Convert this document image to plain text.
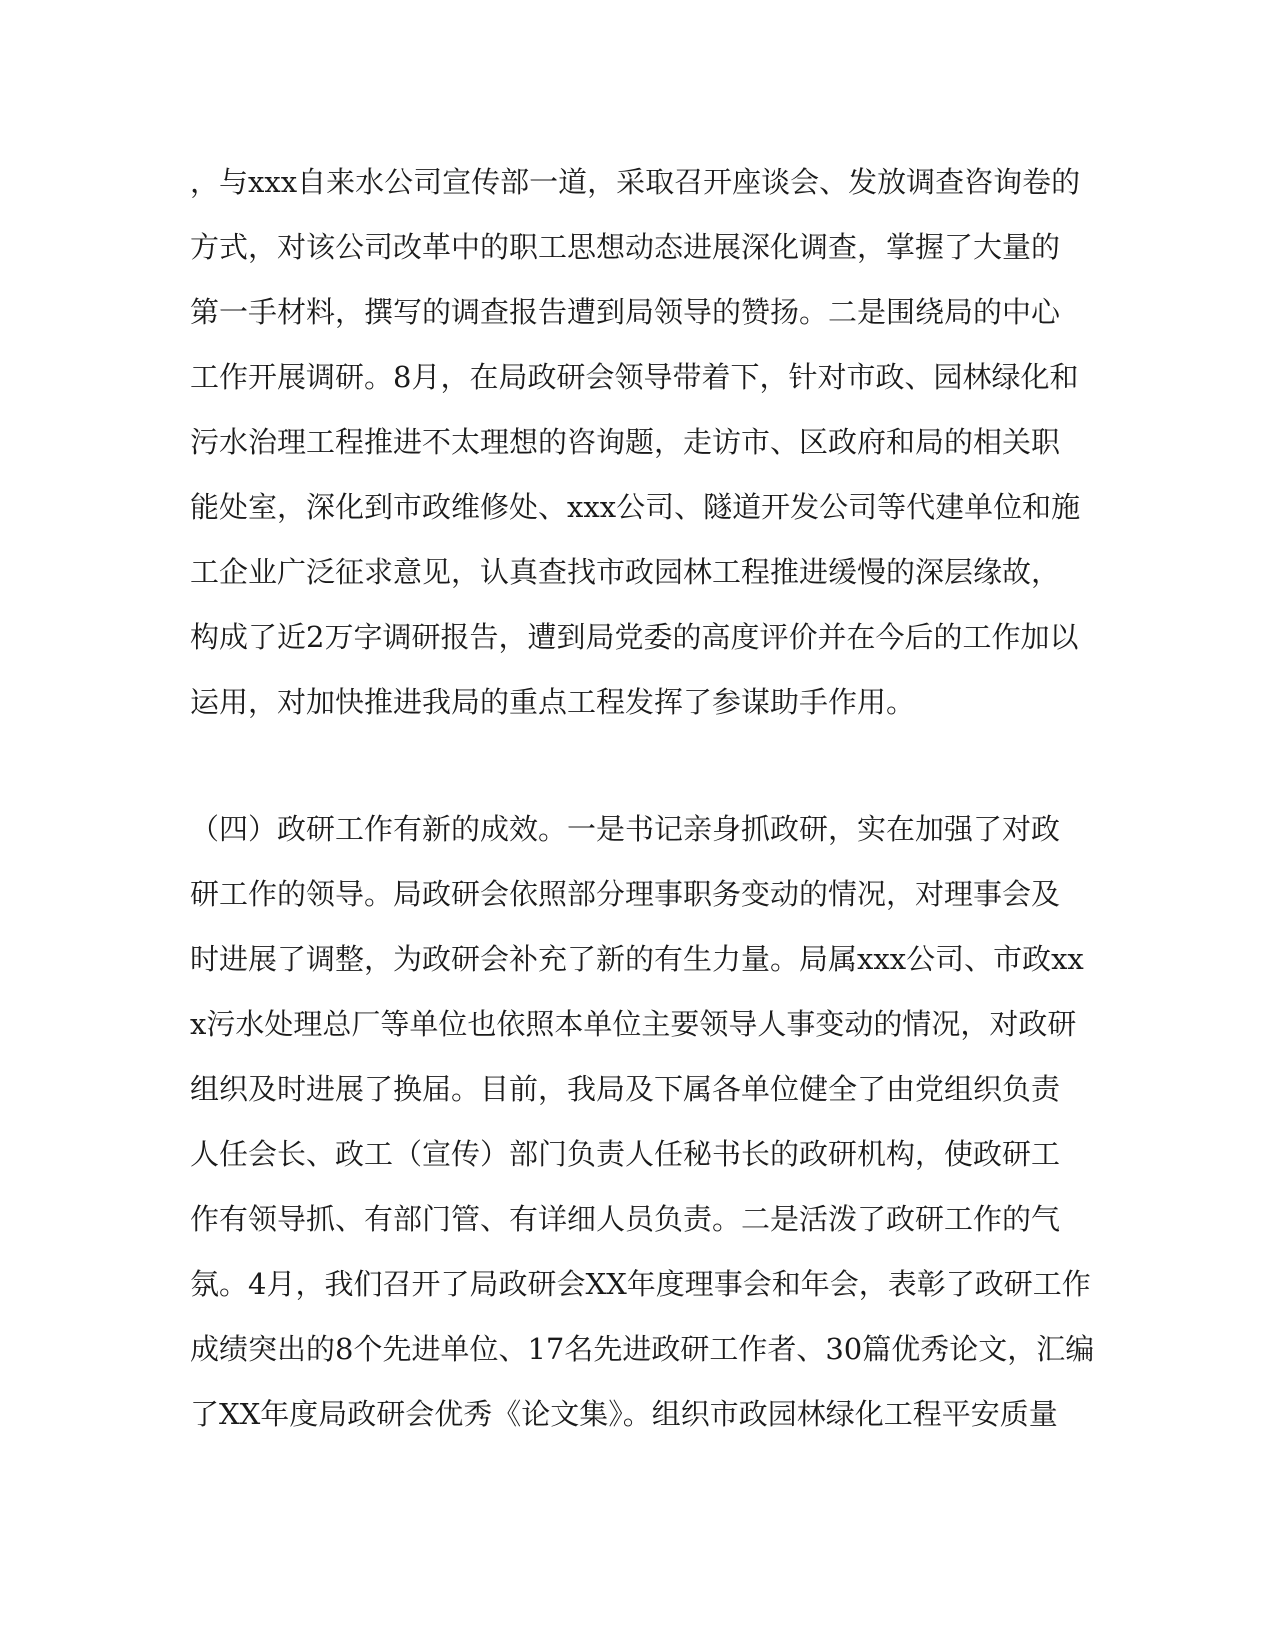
，与xxx自来水公司宣传部一道，采取召开座谈会、发放调查咨询卷的
方式，对该公司改革中的职工思想动态进展深化调查，掌握了大量的
第一手材料，撰写的调查报告遭到局领导的赞扬。二是围绕局的中心
工作开展调研。8月，在局政研会领导带着下，针对市政、园林绿化和
污水治理工程推进不太理想的咨询题，走访市、区政府和局的相关职
能处室，深化到市政维修处、xxx公司、隧道开发公司等代建单位和施
工企业广泛征求意见，认真查找市政园林工程推进缓慢的深层缘故，
构成了近2万字调研报告，遭到局党委的高度评价并在今后的工作加以
运用，对加快推进我局的重点工程发挥了参谋助手作用。
（四）政研工作有新的成效。一是书记亲身抓政研，实在加强了对政
研工作的领导。局政研会依照部分理事职务变动的情况，对理事会及
时进展了调整，为政研会补充了新的有生力量。局属xxx公司、市政xx
x污水处理总厂等单位也依照本单位主要领导人事变动的情况，对政研
组织及时进展了换届。目前，我局及下属各单位健全了由党组织负责
人任会长、政工（宣传）部门负责人任秘书长的政研机构，使政研工
作有领导抓、有部门管、有详细人员负责。二是活泼了政研工作的气
氛。4月，我们召开了局政研会XX年度理事会和年会，表彰了政研工作
成绩突出的8个先进单位、17名先进政研工作者、30篇优秀论文，汇编
了XX年度局政研会优秀《论文集》。组织市政园林绿化工程平安质量
